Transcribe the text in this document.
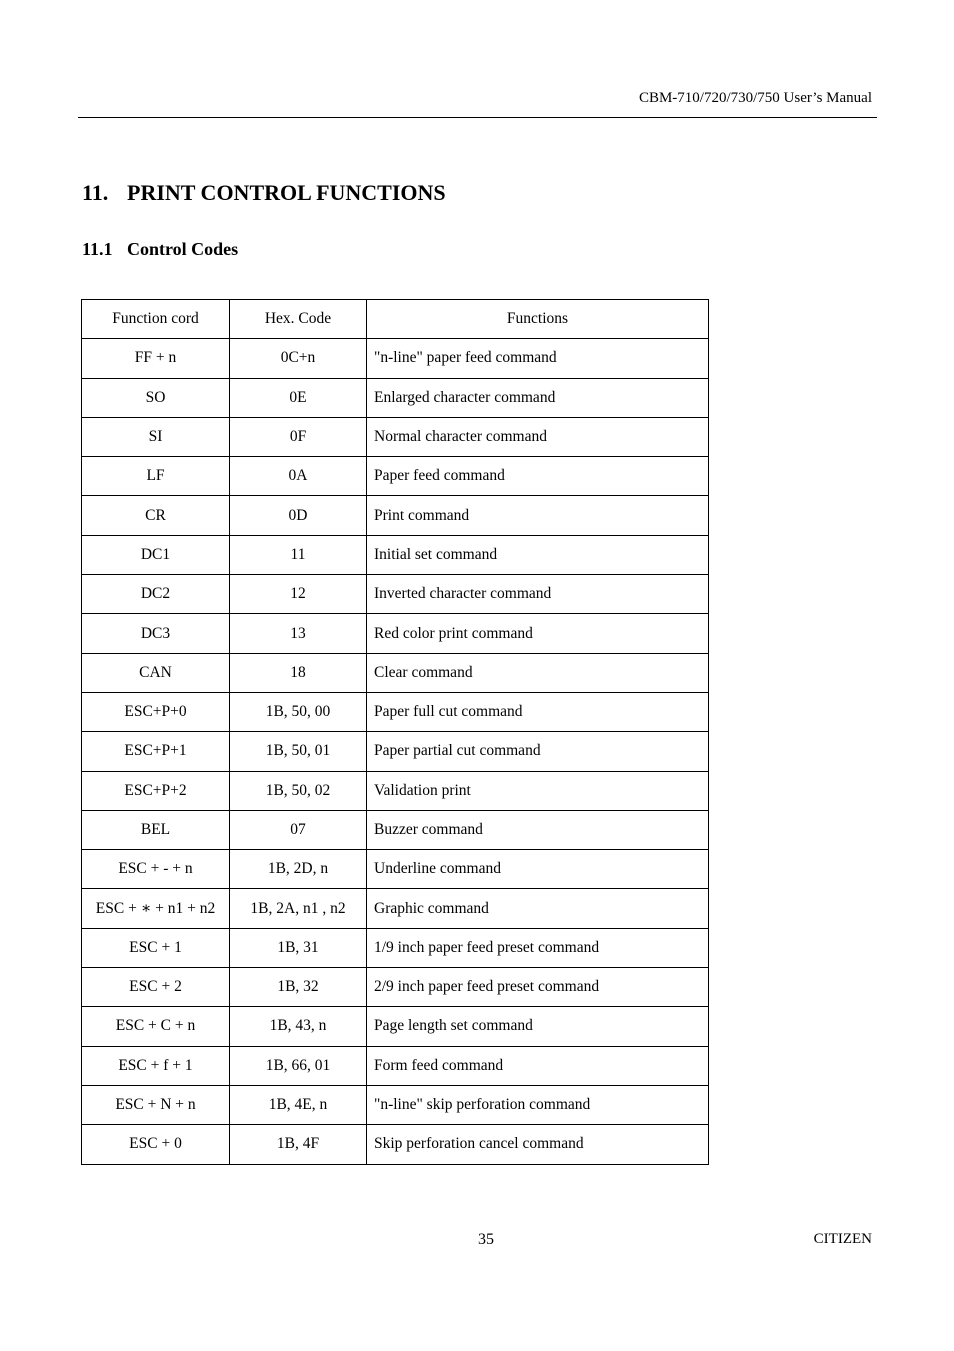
CBM-710/720/730/750 User’s Manual
11. PRINT CONTROL FUNCTIONS
11.1 Control Codes
Function cord	Hex. Code	Functions
FF + n	0C+n	"n-line" paper feed command
SO	0E	Enlarged character command
SI	0F	Normal character command
LF	0A	Paper feed command
CR	0D	Print command
DC1	11	Initial set command
DC2	12	Inverted character command
DC3	13	Red color print command
CAN	18	Clear command
ESC+P+0	1B, 50, 00	Paper full cut command
ESC+P+1	1B, 50, 01	Paper partial cut command
ESC+P+2	1B, 50, 02	Validation print
BEL	07	Buzzer command
ESC + - + n	1B, 2D, n	Underline command
ESC + ∗ + n1 + n2	1B, 2A, n1 , n2	Graphic command
ESC + 1	1B, 31	1/9 inch paper feed preset command
ESC + 2	1B, 32	2/9 inch paper feed preset command
ESC + C + n	1B, 43, n	Page length set command
ESC + f + 1	1B, 66, 01	Form feed command
ESC + N + n	1B, 4E, n	"n-line" skip perforation command
ESC + 0	1B, 4F	Skip perforation cancel command
35	CITIZEN
